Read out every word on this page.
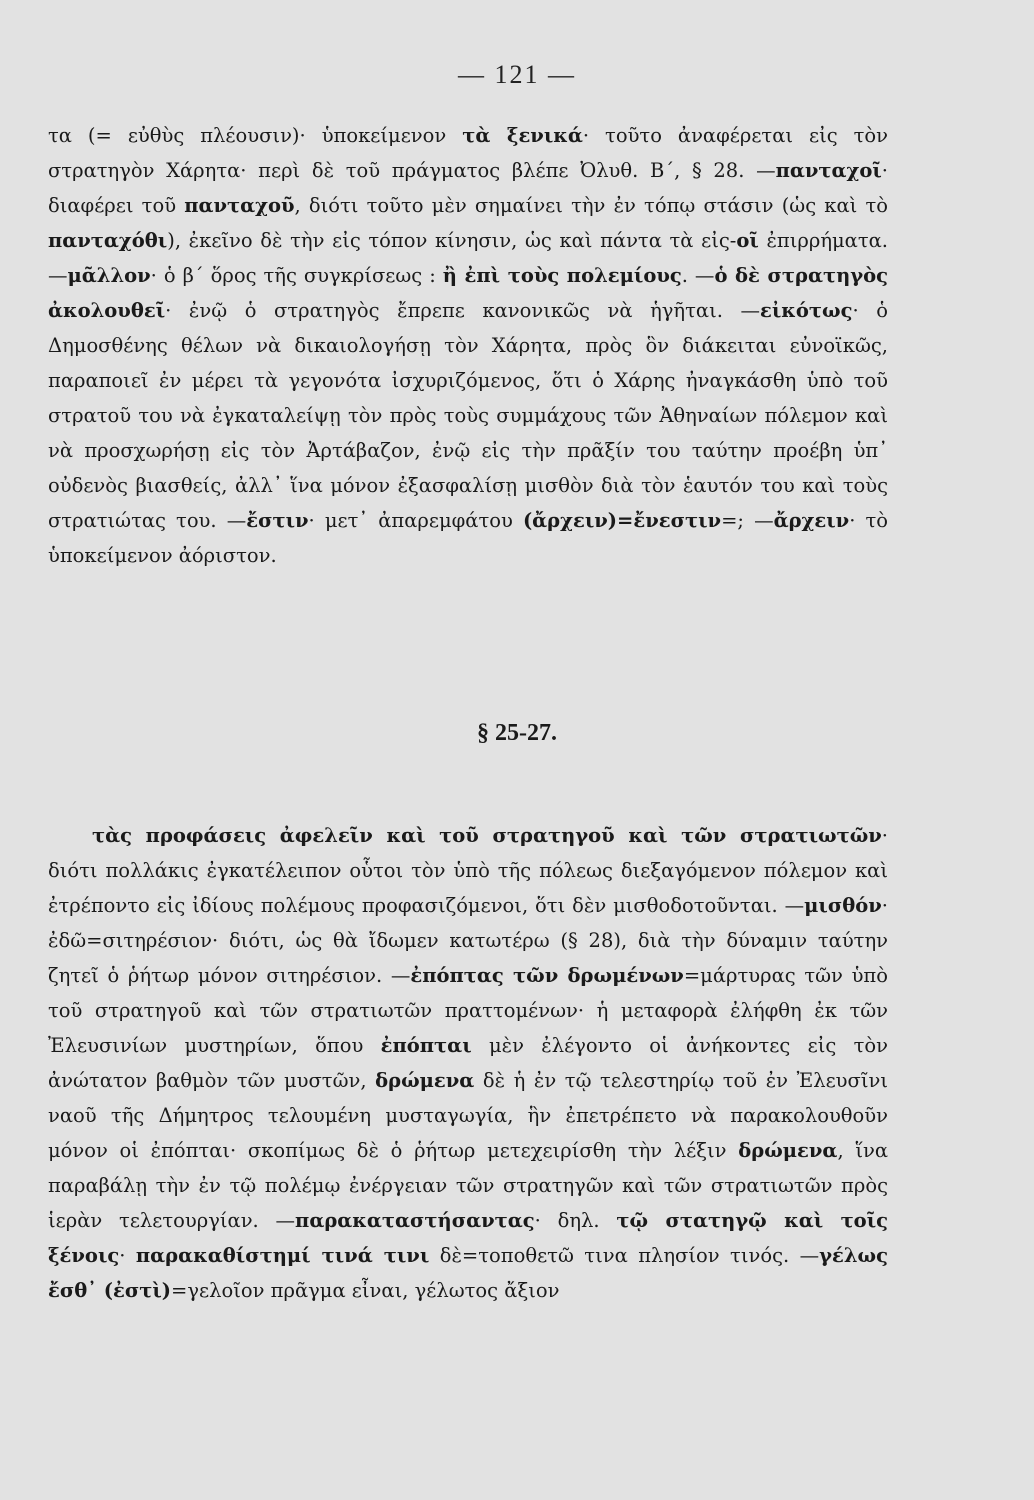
— 121 —
τα (= εὐθὺς πλέουσιν)· ὑποκείμενον τὰ ξενικά· τοῦτο ἀναφέρεται εἰς τὸν στρατηγὸν Χάρητα· περὶ δὲ τοῦ πράγματος βλέπε Ὀλυθ. Β΄, § 28. —πανταχοῖ· διαφέρει τοῦ πανταχοῦ, διότι τοῦτο μὲν σημαίνει τὴν ἐν τόπῳ στάσιν (ὡς καὶ τὸ πανταχόθι), ἐκεῖνο δὲ τὴν εἰς τόπον κίνησιν, ὡς καὶ πάντα τὰ εἰς-οῖ ἐπιρρήματα. —μᾶλλον· ὁ β΄ ὅρος τῆς συγκρίσεως : ἢ ἐπὶ τοὺς πολεμίους. —ὁ δὲ στρατηγὸς ἀκολουθεῖ· ἐνῷ ὁ στρατηγὸς ἔπρεπε κανονικῶς νὰ ἡγῆται. —εἰκότως· ὁ Δημοσθένης θέλων νὰ δικαιολογήσῃ τὸν Χάρητα, πρὸς ὃν διάκειται εὐνοϊκῶς, παραποιεῖ ἐν μέρει τὰ γεγονότα ἰσχυριζόμενος, ὅτι ὁ Χάρης ἠναγκάσθη ὑπὸ τοῦ στρατοῦ του νὰ ἐγκαταλείψῃ τὸν πρὸς τοὺς συμμάχους τῶν Ἀθηναίων πόλεμον καὶ νὰ προσχωρήσῃ εἰς τὸν Ἀρτάβαζον, ἐνῷ εἰς τὴν πρᾶξίν του ταύτην προέβη ὑπ᾽ οὐδενὸς βιασθείς, ἀλλ᾽ ἵνα μόνον ἐξασφαλίσῃ μισθὸν διὰ τὸν ἑαυτόν του καὶ τοὺς στρατιώτας του. —ἔστιν· μετ᾽ ἀπαρεμφάτου (ἄρχειν)=ἔνεστιν=; —ἄρχειν· τὸ ὑποκείμενον ἀόριστον.
§ 25-27.
τὰς προφάσεις ἀφελεῖν καὶ τοῦ στρατηγοῦ καὶ τῶν στρατιωτῶν· διότι πολλάκις ἐγκατέλειπον οὗτοι τὸν ὑπὸ τῆς πόλεως διεξαγόμενον πόλεμον καὶ ἐτρέποντο εἰς ἰδίους πολέμους προφασιζόμενοι, ὅτι δὲν μισθοδοτοῦνται. —μισθόν· ἐδῶ=σιτηρέσιον· διότι, ὡς θὰ ἴδωμεν κατωτέρω (§ 28), διὰ τὴν δύναμιν ταύτην ζητεῖ ὁ ῥήτωρ μόνον σιτηρέσιον. —ἐπόπτας τῶν δρωμένων=μάρτυρας τῶν ὑπὸ τοῦ στρατηγοῦ καὶ τῶν στρατιωτῶν πραττομένων· ἡ μεταφορὰ ἐλήφθη ἐκ τῶν Ἐλευσινίων μυστηρίων, ὅπου ἐπόπται μὲν ἐλέγοντο οἱ ἀνήκοντες εἰς τὸν ἀνώτατον βαθμὸν τῶν μυστῶν, δρώμενα δὲ ἡ ἐν τῷ τελεστηρίῳ τοῦ ἐν Ἐλευσῖνι ναοῦ τῆς Δήμητρος τελουμένη μυσταγωγία, ἣν ἐπετρέπετο νὰ παρακολουθοῦν μόνον οἱ ἐπόπται· σκοπίμως δὲ ὁ ῥήτωρ μετεχειρίσθη τὴν λέξιν δρώμενα, ἵνα παραβάλῃ τὴν ἐν τῷ πολέμῳ ἐνέργειαν τῶν στρατηγῶν καὶ τῶν στρατιωτῶν πρὸς ἱερὰν τελετουργίαν. —παρακαταστήσαντας· δηλ. τῷ στατηγῷ καὶ τοῖς ξένοις· παρακαθίστημί τινά τινι δὲ=τοποθετῶ τινα πλησίον τινός. —γέλως ἔσθ᾽ (ἐστὶ)=γελοῖον πρᾶγμα εἶναι, γέλωτος ἄξιον
